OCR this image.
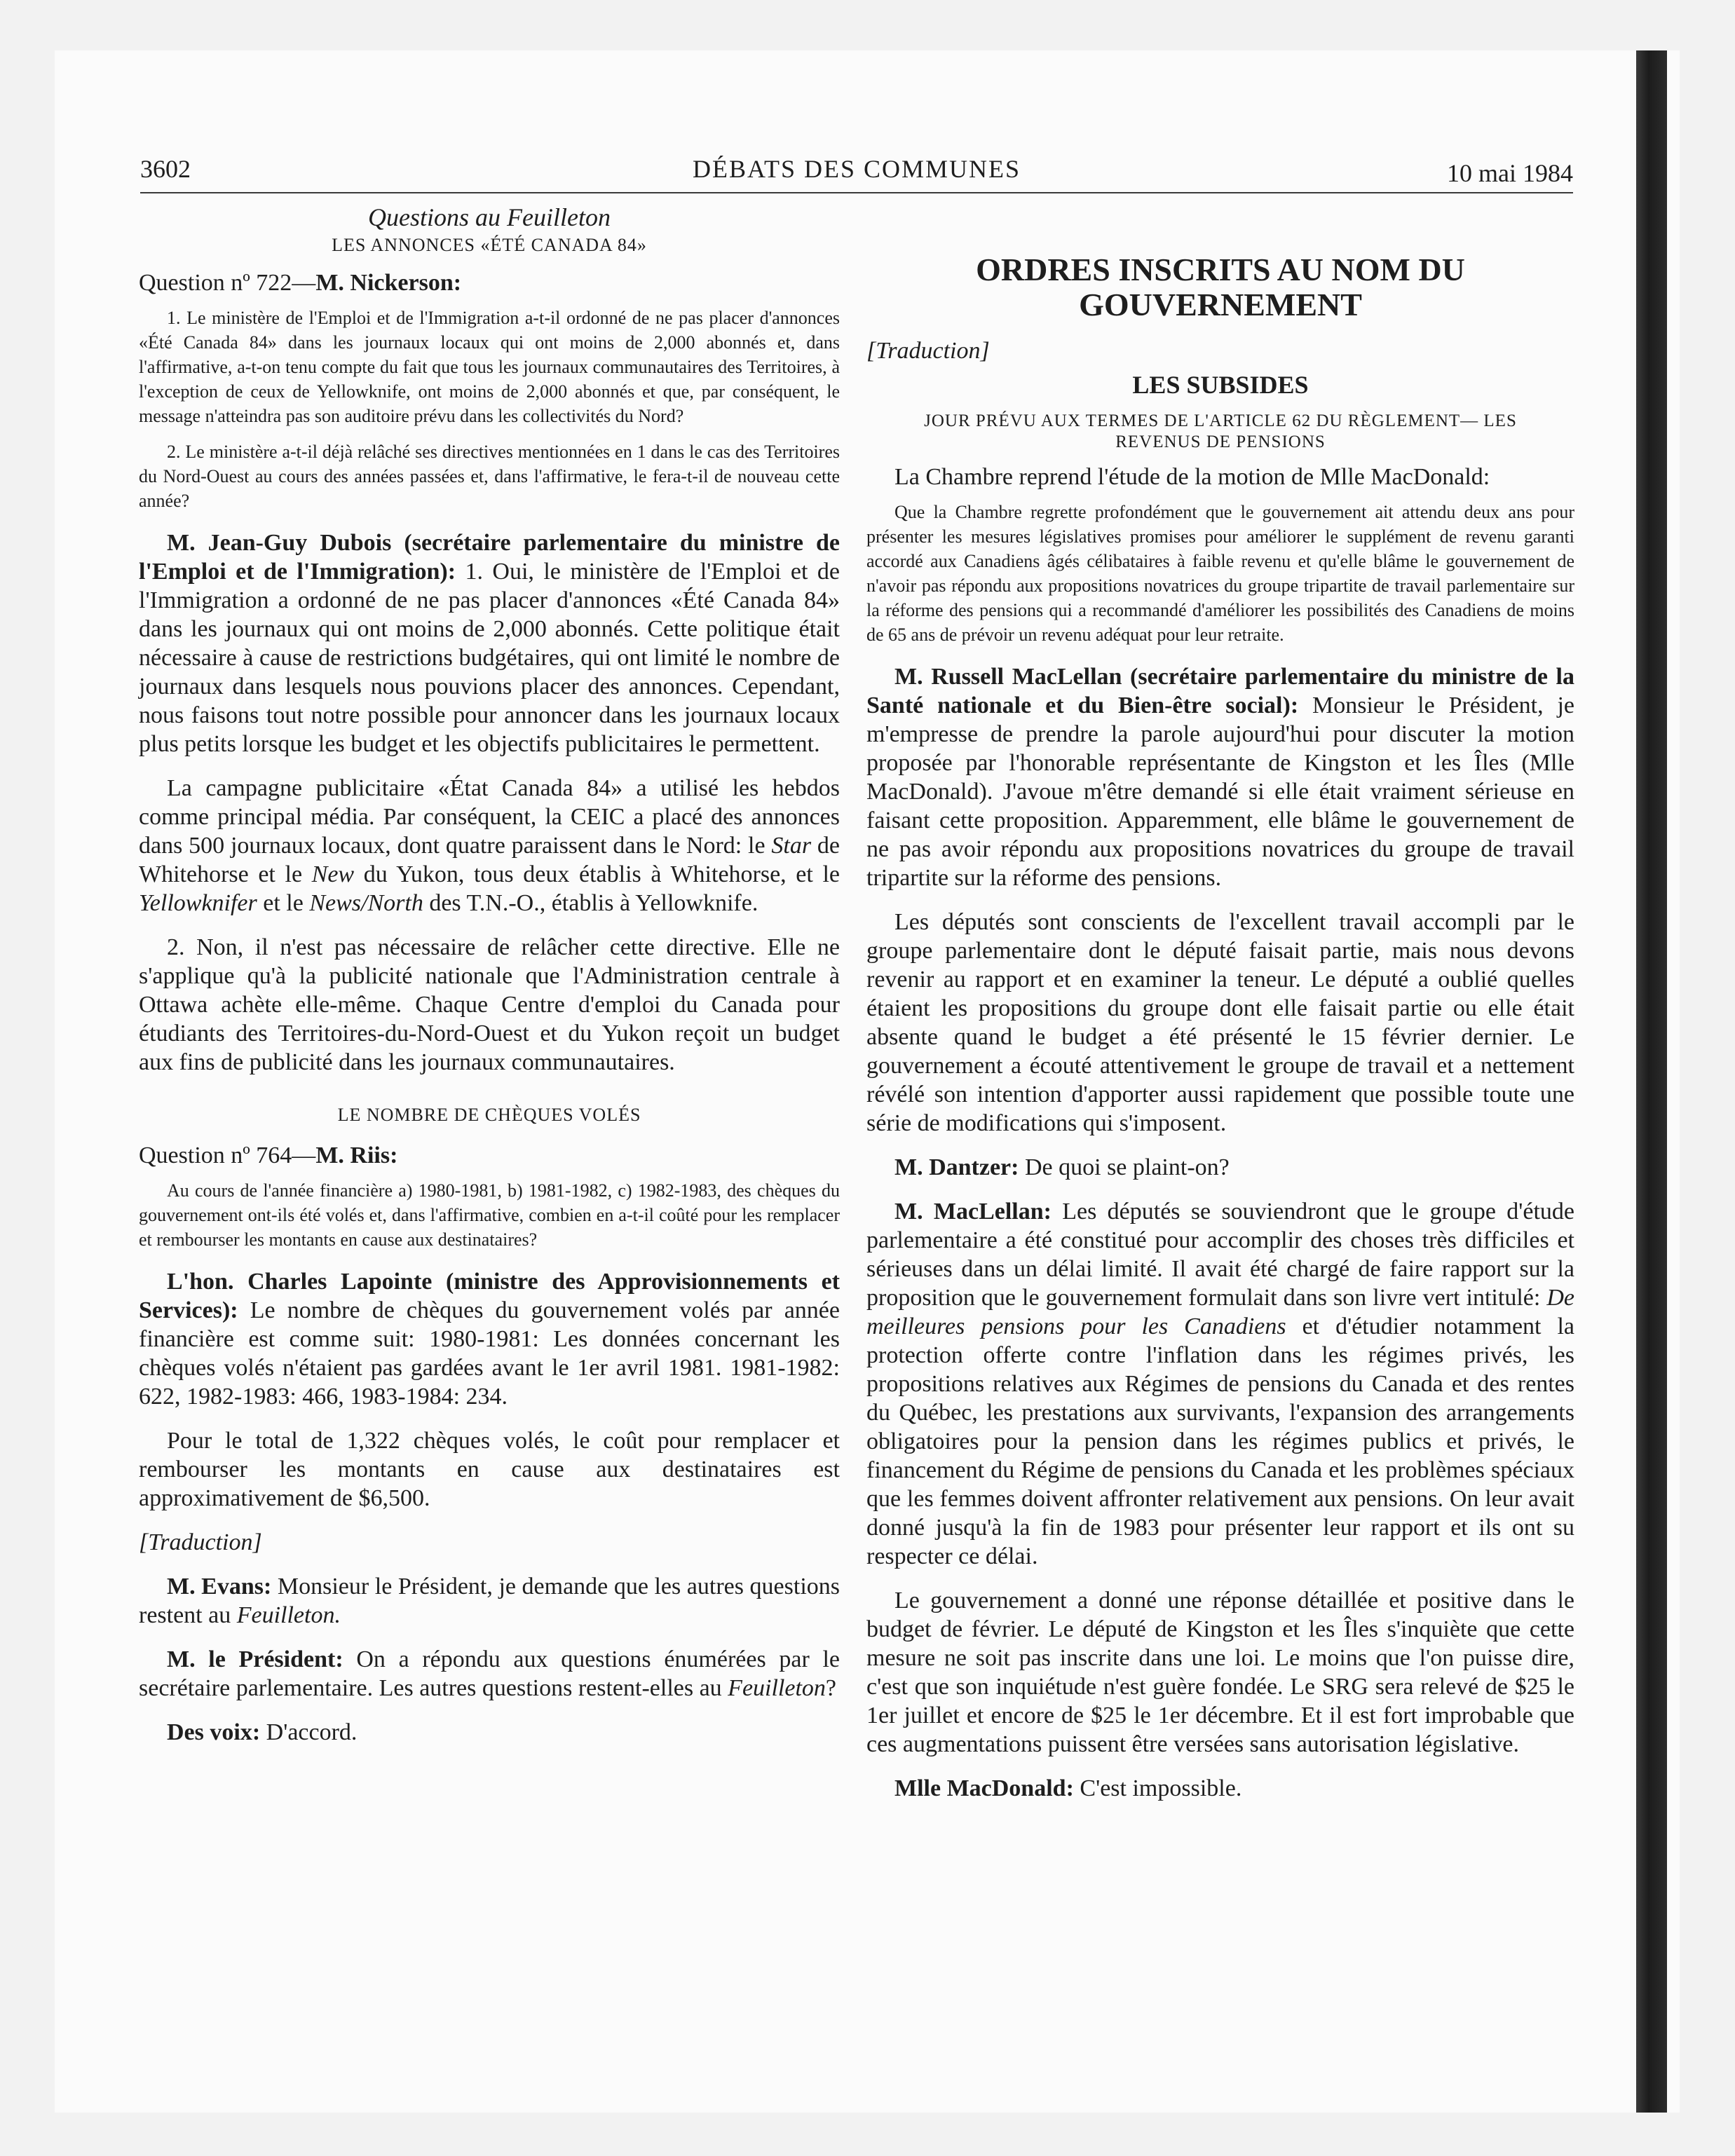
3602	DÉBATS DES COMMUNES	10 mai 1984

Questions au Feuilleton

LES ANNONCES «ÉTÉ CANADA 84»

Question nº 722—M. Nickerson:

1. Le ministère de l'Emploi et de l'Immigration a-t-il ordonné de ne pas placer d'annonces «Été Canada 84» dans les journaux locaux qui ont moins de 2,000 abonnés et, dans l'affirmative, a-t-on tenu compte du fait que tous les journaux communautaires des Territoires, à l'exception de ceux de Yellowknife, ont moins de 2,000 abonnés et que, par conséquent, le message n'atteindra pas son auditoire prévu dans les collectivités du Nord?

2. Le ministère a-t-il déjà relâché ses directives mentionnées en 1 dans le cas des Territoires du Nord-Ouest au cours des années passées et, dans l'affirmative, le fera-t-il de nouveau cette année?

M. Jean-Guy Dubois (secrétaire parlementaire du ministre de l'Emploi et de l'Immigration): 1. Oui, le ministère de l'Emploi et de l'Immigration a ordonné de ne pas placer d'annonces «Été Canada 84» dans les journaux qui ont moins de 2,000 abonnés. Cette politique était nécessaire à cause de restrictions budgétaires, qui ont limité le nombre de journaux dans lesquels nous pouvions placer des annonces. Cependant, nous faisons tout notre possible pour annoncer dans les journaux locaux plus petits lorsque les budget et les objectifs publicitaires le permettent.

La campagne publicitaire «État Canada 84» a utilisé les hebdos comme principal média. Par conséquent, la CEIC a placé des annonces dans 500 journaux locaux, dont quatre paraissent dans le Nord: le Star de Whitehorse et le New du Yukon, tous deux établis à Whitehorse, et le Yellowknifer et le News/North des T.N.-O., établis à Yellowknife.

2. Non, il n'est pas nécessaire de relâcher cette directive. Elle ne s'applique qu'à la publicité nationale que l'Administration centrale à Ottawa achète elle-même. Chaque Centre d'emploi du Canada pour étudiants des Territoires-du-Nord-Ouest et du Yukon reçoit un budget aux fins de publicité dans les journaux communautaires.

LE NOMBRE DE CHÈQUES VOLÉS

Question nº 764—M. Riis:

Au cours de l'année financière a) 1980-1981, b) 1981-1982, c) 1982-1983, des chèques du gouvernement ont-ils été volés et, dans l'affirmative, combien en a-t-il coûté pour les remplacer et rembourser les montants en cause aux destinataires?

L'hon. Charles Lapointe (ministre des Approvisionnements et Services): Le nombre de chèques du gouvernement volés par année financière est comme suit: 1980-1981: Les données concernant les chèques volés n'étaient pas gardées avant le 1er avril 1981. 1981-1982: 622, 1982-1983: 466, 1983-1984: 234.

Pour le total de 1,322 chèques volés, le coût pour remplacer et rembourser les montants en cause aux destinataires est approximativement de $6,500.

[Traduction]

M. Evans: Monsieur le Président, je demande que les autres questions restent au Feuilleton.

M. le Président: On a répondu aux questions énumérées par le secrétaire parlementaire. Les autres questions restent-elles au Feuilleton?

Des voix: D'accord.

ORDRES INSCRITS AU NOM DU GOUVERNEMENT

[Traduction]

LES SUBSIDES

JOUR PRÉVU AUX TERMES DE L'ARTICLE 62 DU RÈGLEMENT— LES REVENUS DE PENSIONS

La Chambre reprend l'étude de la motion de Mlle MacDonald:

Que la Chambre regrette profondément que le gouvernement ait attendu deux ans pour présenter les mesures législatives promises pour améliorer le supplément de revenu garanti accordé aux Canadiens âgés célibataires à faible revenu et qu'elle blâme le gouvernement de n'avoir pas répondu aux propositions novatrices du groupe tripartite de travail parlementaire sur la réforme des pensions qui a recommandé d'améliorer les possibilités des Canadiens de moins de 65 ans de prévoir un revenu adéquat pour leur retraite.

M. Russell MacLellan (secrétaire parlementaire du ministre de la Santé nationale et du Bien-être social): Monsieur le Président, je m'empresse de prendre la parole aujourd'hui pour discuter la motion proposée par l'honorable représentante de Kingston et les Îles (Mlle MacDonald). J'avoue m'être demandé si elle était vraiment sérieuse en faisant cette proposition. Apparemment, elle blâme le gouvernement de ne pas avoir répondu aux propositions novatrices du groupe de travail tripartite sur la réforme des pensions.

Les députés sont conscients de l'excellent travail accompli par le groupe parlementaire dont le député faisait partie, mais nous devons revenir au rapport et en examiner la teneur. Le député a oublié quelles étaient les propositions du groupe dont elle faisait partie ou elle était absente quand le budget a été présenté le 15 février dernier. Le gouvernement a écouté attentivement le groupe de travail et a nettement révélé son intention d'apporter aussi rapidement que possible toute une série de modifications qui s'imposent.

M. Dantzer: De quoi se plaint-on?

M. MacLellan: Les députés se souviendront que le groupe d'étude parlementaire a été constitué pour accomplir des choses très difficiles et sérieuses dans un délai limité. Il avait été chargé de faire rapport sur la proposition que le gouvernement formulait dans son livre vert intitulé: De meilleures pensions pour les Canadiens et d'étudier notamment la protection offerte contre l'inflation dans les régimes privés, les propositions relatives aux Régimes de pensions du Canada et des rentes du Québec, les prestations aux survivants, l'expansion des arrangements obligatoires pour la pension dans les régimes publics et privés, le financement du Régime de pensions du Canada et les problèmes spéciaux que les femmes doivent affronter relativement aux pensions. On leur avait donné jusqu'à la fin de 1983 pour présenter leur rapport et ils ont su respecter ce délai.

Le gouvernement a donné une réponse détaillée et positive dans le budget de février. Le député de Kingston et les Îles s'inquiète que cette mesure ne soit pas inscrite dans une loi. Le moins que l'on puisse dire, c'est que son inquiétude n'est guère fondée. Le SRG sera relevé de $25 le 1er juillet et encore de $25 le 1er décembre. Et il est fort improbable que ces augmentations puissent être versées sans autorisation législative.

Mlle MacDonald: C'est impossible.
